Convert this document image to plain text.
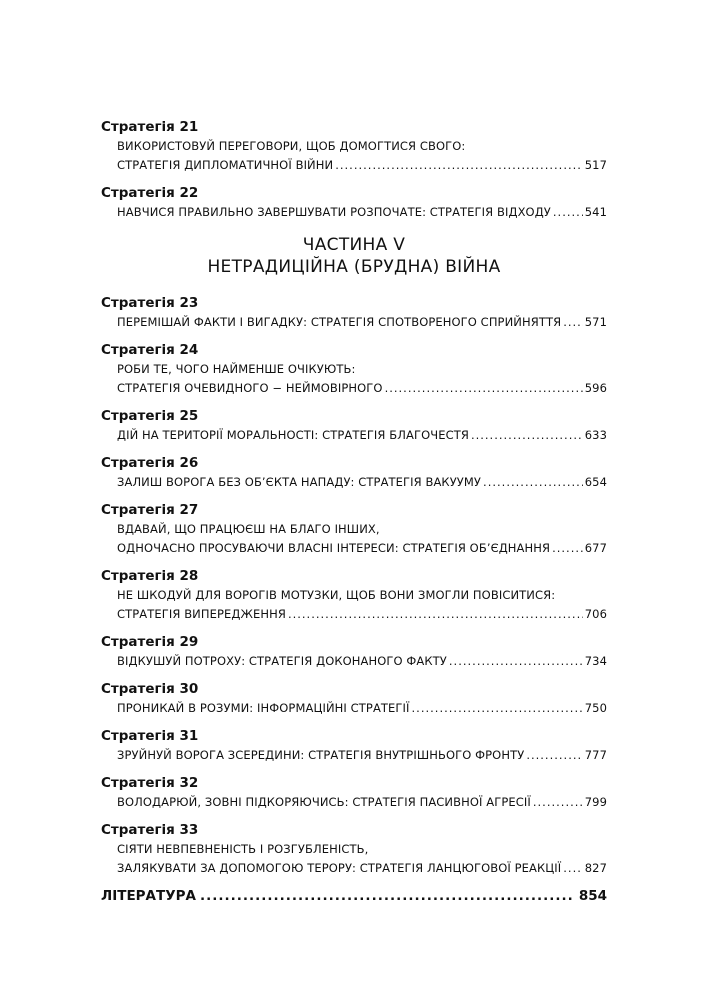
Стратегія 21
ВИКОРИСТОВУЙ ПЕРЕГОВОРИ, ЩОБ ДОМОГТИСЯ СВОГО:
СТРАТЕГІЯ ДИПЛОМАТИЧНОЇ ВІЙНИ .....	517
Стратегія 22
НАВЧИСЯ ПРАВИЛЬНО ЗАВЕРШУВАТИ РОЗПОЧАТЕ: СТРАТЕГІЯ ВІДХОДУ .....	541
ЧАСТИНА V
НЕТРАДИЦІЙНА (БРУДНА) ВІЙНА
Стратегія 23
ПЕРЕМІШАЙ ФАКТИ І ВИГАДКУ: СТРАТЕГІЯ СПОТВОРЕНОГО СПРИЙНЯТТЯ ..... 571
Стратегія 24
РОБИ ТЕ, ЧОГО НАЙМЕНШЕ ОЧІКУЮТЬ:
СТРАТЕГІЯ ОЧЕВИДНОГО − НЕЙМОВІРНОГО .....	596
Стратегія 25
ДІЙ НА ТЕРИТОРІЇ МОРАЛЬНОСТІ: СТРАТЕГІЯ БЛАГОЧЕСТЯ .....	633
Стратегія 26
ЗАЛИШ ВОРОГА БЕЗ ОБ’ЄКТА НАПАДУ: СТРАТЕГІЯ ВАКУУМУ .....	654
Стратегія 27
ВДАВАЙ, ЩО ПРАЦЮЄШ НА БЛАГО ІНШИХ,
ОДНОЧАСНО ПРОСУВАЮЧИ ВЛАСНІ ІНТЕРЕСИ: СТРАТЕГІЯ ОБ’ЄДНАННЯ .....	677
Стратегія 28
НЕ ШКОДУЙ ДЛЯ ВОРОГІВ МОТУЗКИ, ЩОБ ВОНИ ЗМОГЛИ ПОВІСИТИСЯ:
СТРАТЕГІЯ ВИПЕРЕДЖЕННЯ .....	706
Стратегія 29
ВІДКУШУЙ ПОТРОХУ: СТРАТЕГІЯ ДОКОНАНОГО ФАКТУ .....	734
Стратегія 30
ПРОНИКАЙ В РОЗУМИ: ІНФОРМАЦІЙНІ СТРАТЕГІЇ .....	750
Стратегія 31
ЗРУЙНУЙ ВОРОГА ЗСЕРЕДИНИ: СТРАТЕГІЯ ВНУТРІШНЬОГО ФРОНТУ .....	777
Стратегія 32
ВОЛОДАРЮЙ, ЗОВНІ ПІДКОРЯЮЧИСЬ: СТРАТЕГІЯ ПАСИВНОЇ АГРЕСІЇ .....	799
Стратегія 33
СІЯТИ НЕВПЕВНЕНІСТЬ І РОЗГУБЛЕНІСТЬ,
ЗАЛЯКУВАТИ ЗА ДОПОМОГОЮ ТЕРОРУ: СТРАТЕГІЯ ЛАНЦЮГОВОЇ РЕАКЦІЇ ..... 827
ЛІТЕРАТУРА .....	854
